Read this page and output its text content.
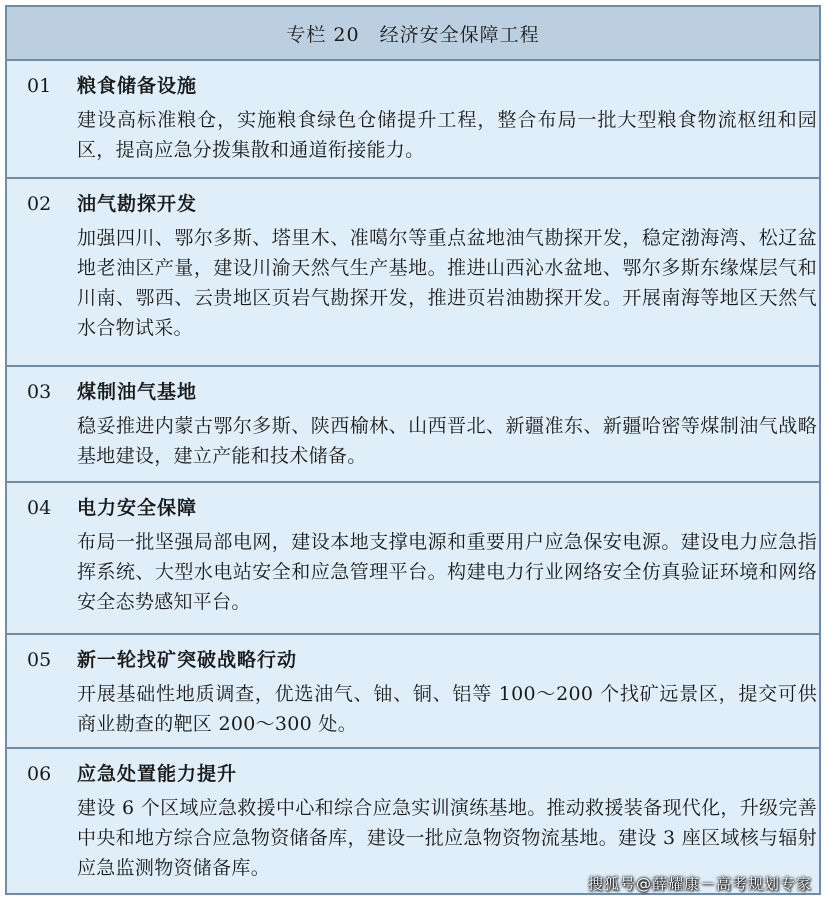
专栏 20　经济安全保障工程
01 粮食储备设施
建设高标准粮仓，实施粮食绿色仓储提升工程，整合布局一批大型粮食物流枢纽和园区，提高应急分拨集散和通道衔接能力。
02 油气勘探开发
加强四川、鄂尔多斯、塔里木、准噶尔等重点盆地油气勘探开发，稳定渤海湾、松辽盆地老油区产量，建设川渝天然气生产基地。推进山西沁水盆地、鄂尔多斯东缘煤层气和川南、鄂西、云贵地区页岩气勘探开发，推进页岩油勘探开发。开展南海等地区天然气水合物试采。
03 煤制油气基地
稳妥推进内蒙古鄂尔多斯、陕西榆林、山西晋北、新疆准东、新疆哈密等煤制油气战略基地建设，建立产能和技术储备。
04 电力安全保障
布局一批坚强局部电网，建设本地支撑电源和重要用户应急保安电源。建设电力应急指挥系统、大型水电站安全和应急管理平台。构建电力行业网络安全仿真验证环境和网络安全态势感知平台。
05 新一轮找矿突破战略行动
开展基础性地质调查，优选油气、铀、铜、铝等 100～200 个找矿远景区，提交可供商业勘查的靶区 200～300 处。
06 应急处置能力提升
建设 6 个区域应急救援中心和综合应急实训演练基地。推动救援装备现代化，升级完善中央和地方综合应急物资储备库，建设一批应急物资物流基地。建设 3 座区域核与辐射应急监测物资储备库。
搜狐号@薛耀康－高考规划专家
